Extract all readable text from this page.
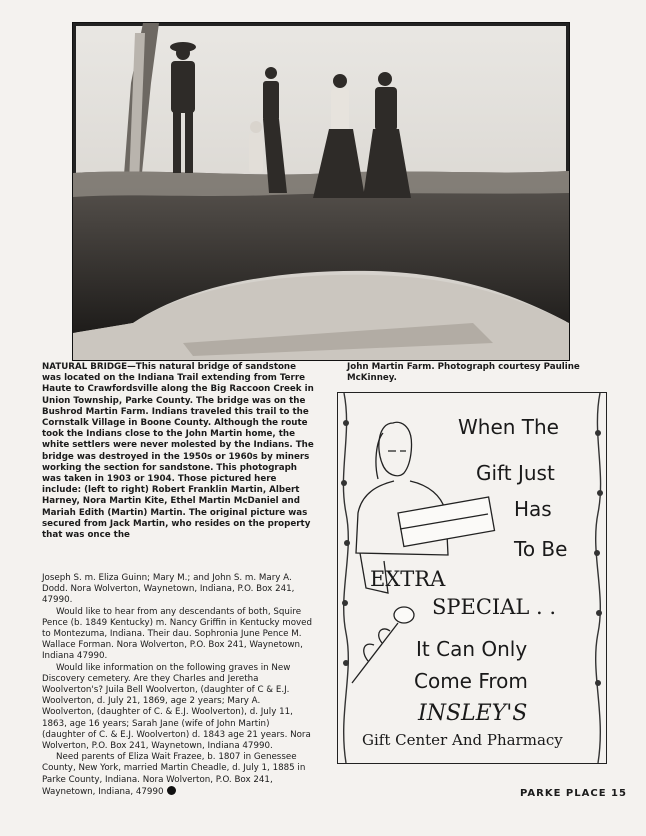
NATURAL BRIDGE—This natural bridge of sandstone was located on the Indiana Trail extending from Terre Haute to Crawfordsville along the Big Raccoon Creek in Union Township, Parke County. The bridge was on the Bushrod Martin Farm. Indians traveled this trail to the Cornstalk Village in Boone County. Although the route took the Indians close to the John Martin home, the white settlers were never molested by the Indians. The bridge was destroyed in the 1950s or 1960s by miners working the section for sandstone. This photograph was taken in 1903 or 1904. Those pictured here include: (left to right) Robert Franklin Martin, Albert Harney, Nora Martin Kite, Ethel Martin McDaniel and Mariah Edith (Martin) Martin. The original picture was secured from Jack Martin, who resides on the property that was once the

John Martin Farm. Photograph courtesy Pauline McKinney.

Joseph S. m. Eliza Guinn; Mary M.; and John S. m. Mary A. Dodd. Nora Wolverton, Waynetown, Indiana, P.O. Box 241, 47990.

Would like to hear from any descendants of both, Squire Pence (b. 1849 Kentucky) m. Nancy Griffin in Kentucky moved to Montezuma, Indiana. Their dau. Sophronia June Pence M. Wallace Forman. Nora Wolverton, P.O. Box 241, Waynetown, Indiana 47990.

Would like information on the following graves in New Discovery cemetery. Are they Charles and Jeretha Woolverton's? Juila Bell Woolverton, (daughter of C & E.J. Woolverton, d. July 21, 1869, age 2 years; Mary A. Woolverton, (daughter of C. & E.J. Woolverton), d. July 11, 1863, age 16 years; Sarah Jane (wife of John Martin) (daughter of C. & E.J. Woolverton) d. 1843 age 21 years. Nora Wolverton, P.O. Box 241, Waynetown, Indiana 47990.

Need parents of Eliza Wait Frazee, b. 1807 in Genessee County, New York, married Martin Cheadle, d. July 1, 1885 in Parke County, Indiana. Nora Wolverton, P.O. Box 241, Waynetown, Indiana, 47990

When The

Gift Just

Has

To Be

EXTRA

SPECIAL . .

It Can Only

Come From

INSLEY'S

Gift Center And Pharmacy

PARKE PLACE 15
